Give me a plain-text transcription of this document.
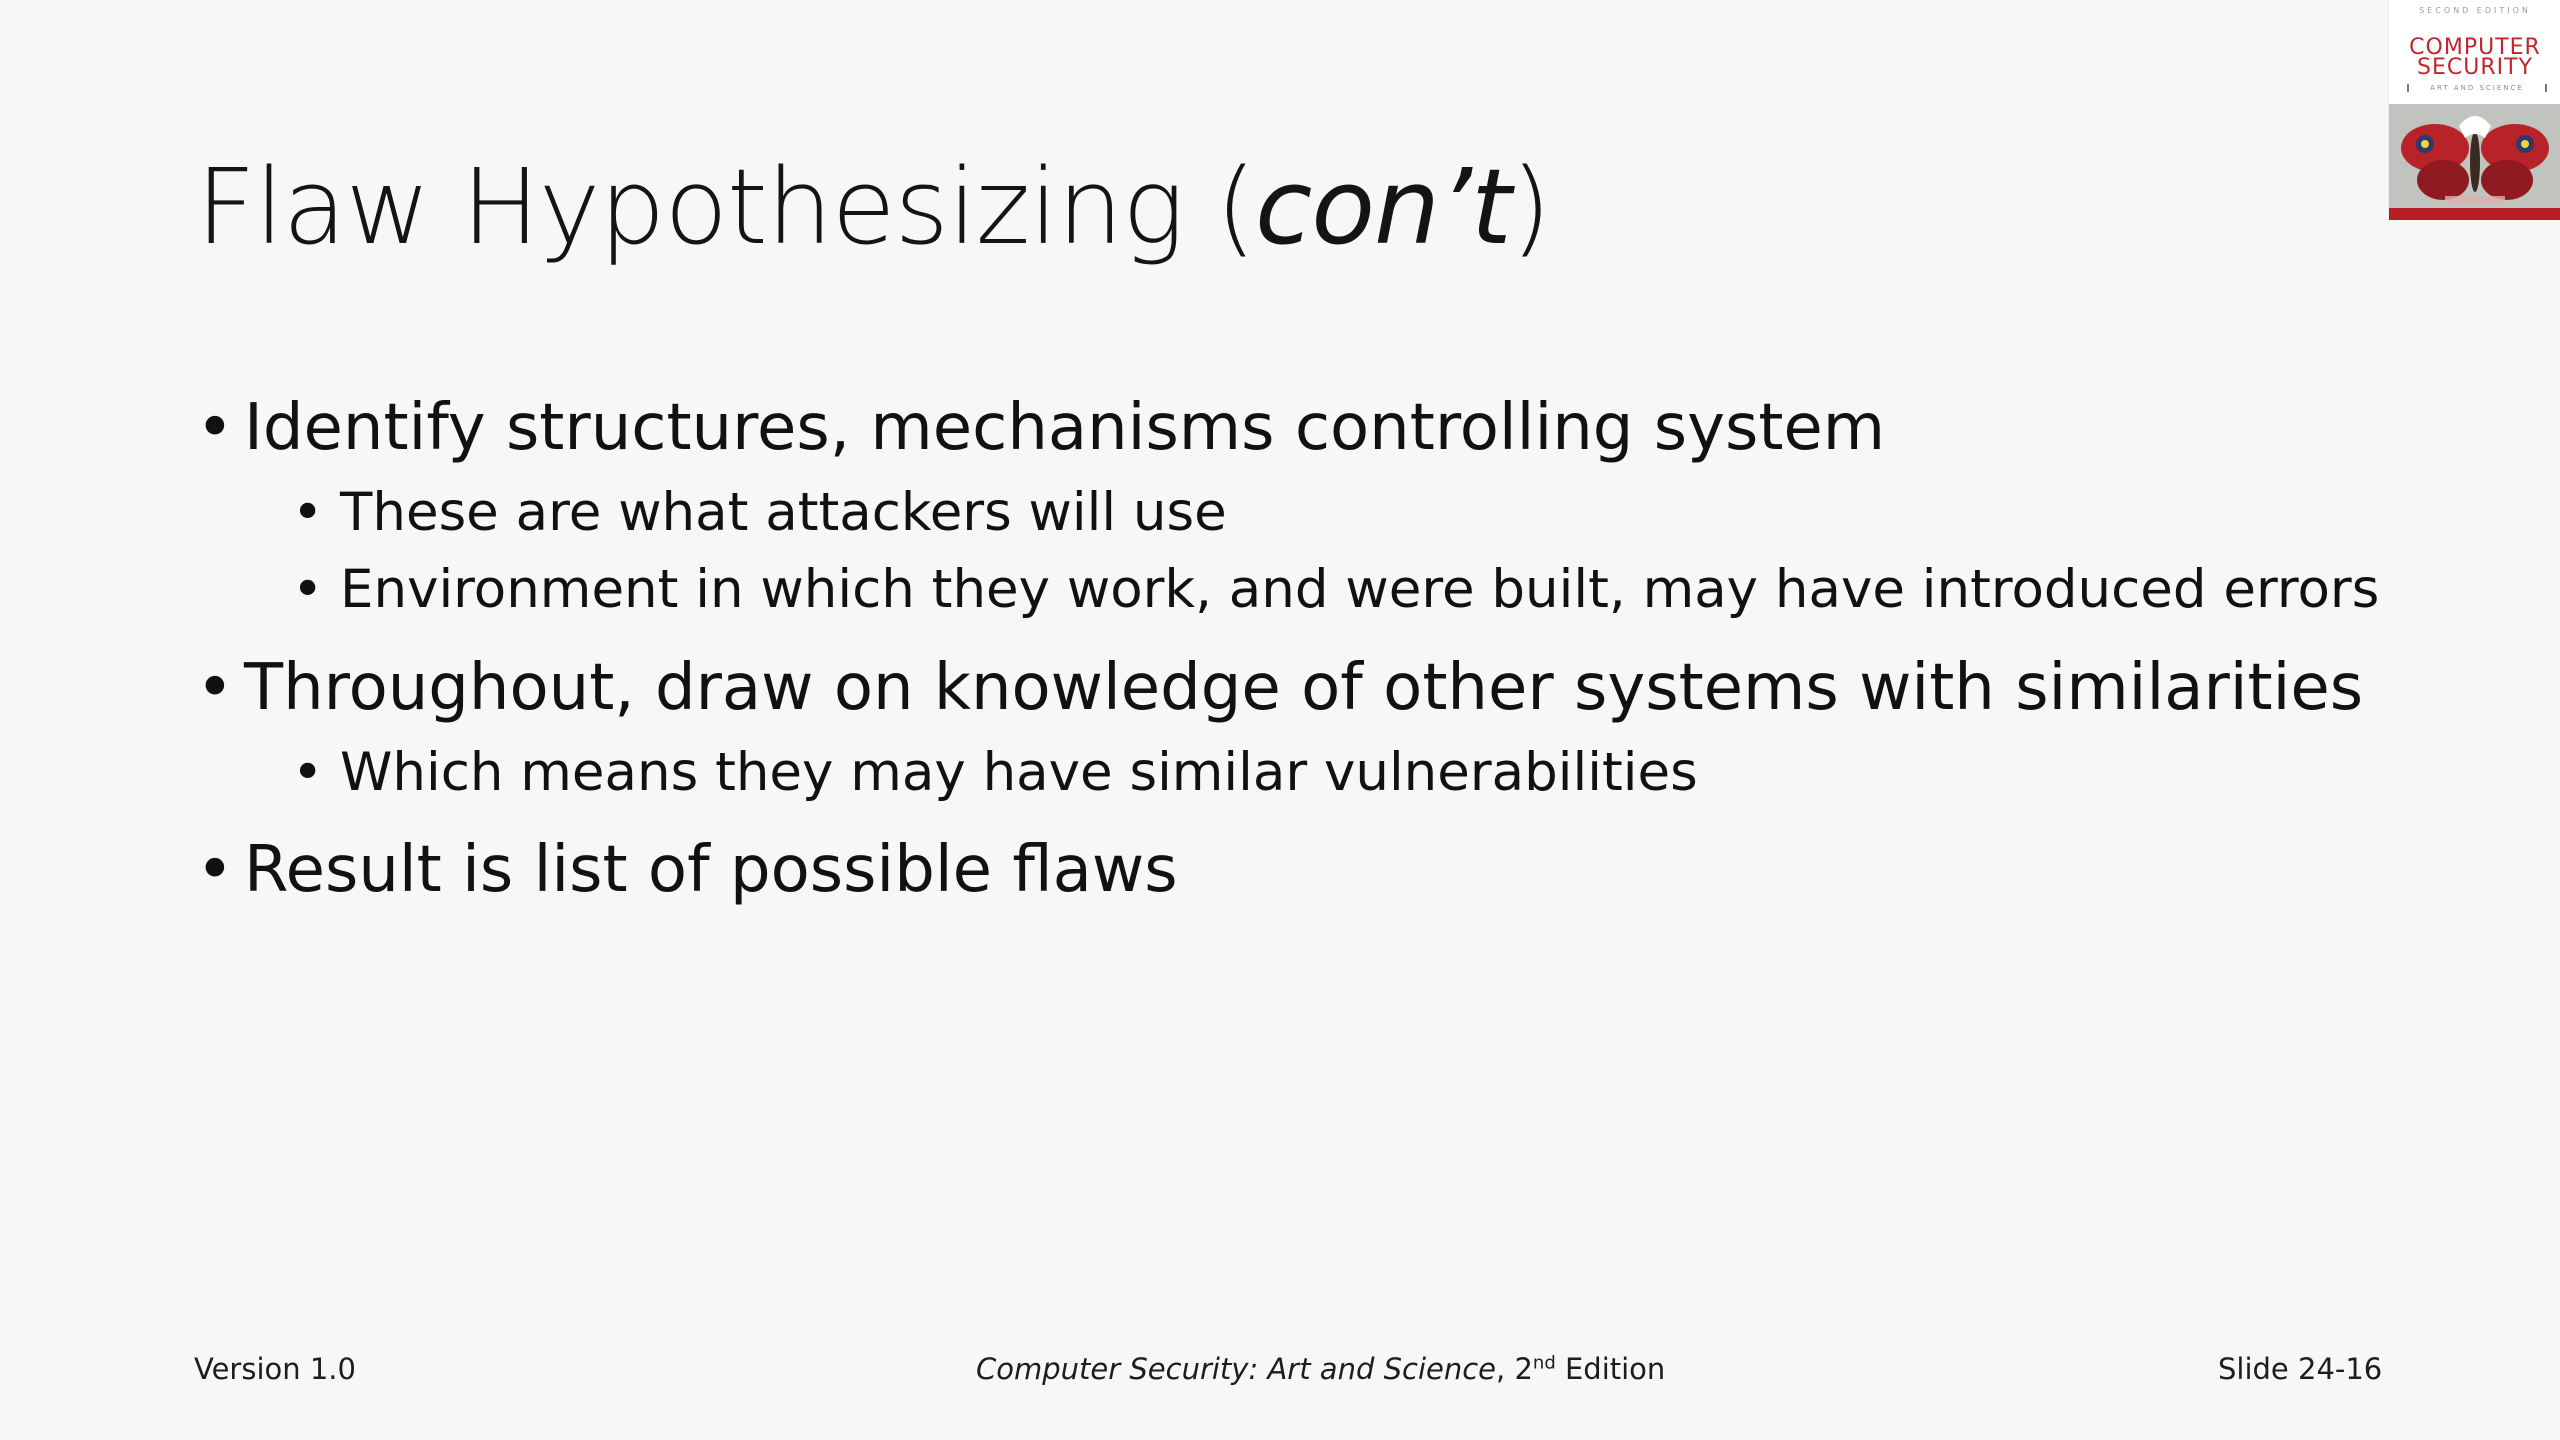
Flaw Hypothesizing (con’t)
SECOND EDITION
COMPUTER
SECURITY
ART AND SCIENCE
• Identify structures, mechanisms controlling system
• These are what attackers will use
• Environment in which they work, and were built, may have introduced errors
• Throughout, draw on knowledge of other systems with similarities
• Which means they may have similar vulnerabilities
• Result is list of possible flaws
Version 1.0	Computer Security: Art and Science, 2nd Edition	Slide 24-16
